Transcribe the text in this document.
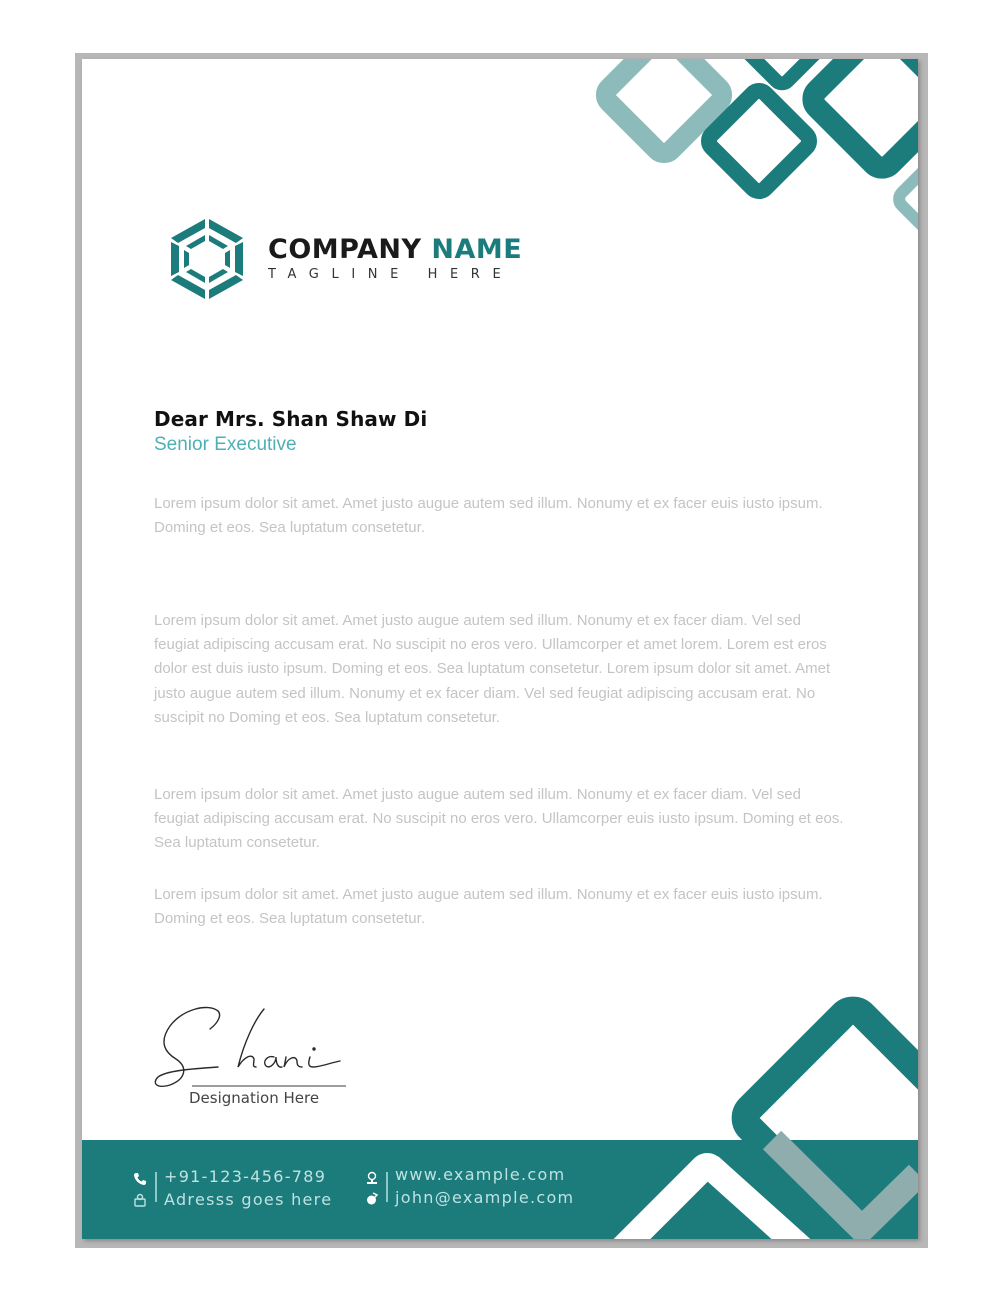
COMPANY NAME
TAGLINE HERE
Dear Mrs. Shan Shaw Di
Senior Executive
Lorem ipsum dolor sit amet. Amet justo augue autem sed illum. Nonumy et ex facer euis iusto ipsum. Doming et eos. Sea luptatum consetetur.
Lorem ipsum dolor sit amet. Amet justo augue autem sed illum. Nonumy et ex facer diam. Vel sed feugiat adipiscing accusam erat. No suscipit no eros vero. Ullamcorper et amet lorem. Lorem est eros dolor est duis iusto ipsum. Doming et eos. Sea luptatum consetetur. Lorem ipsum dolor sit amet. Amet justo augue autem sed illum. Nonumy et ex facer diam. Vel sed feugiat adipiscing accusam erat. No suscipit no Doming et eos. Sea luptatum consetetur.
Lorem ipsum dolor sit amet. Amet justo augue autem sed illum. Nonumy et ex facer diam. Vel sed feugiat adipiscing accusam erat. No suscipit no eros vero. Ullamcorper euis iusto ipsum. Doming et eos. Sea luptatum consetetur.
Lorem ipsum dolor sit amet. Amet justo augue autem sed illum. Nonumy et ex facer euis iusto ipsum. Doming et eos. Sea luptatum consetetur.
Designation Here
+91-123-456-789
Adresss goes here
www.example.com
john@example.com
